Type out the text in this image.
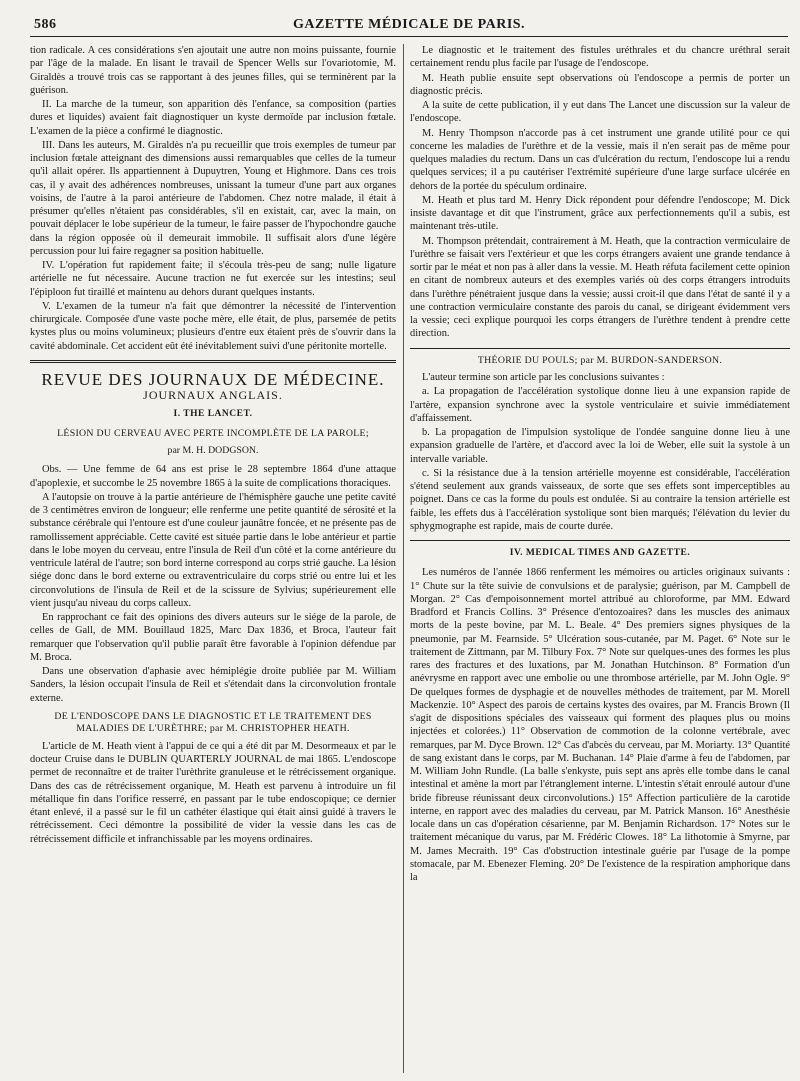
586	GAZETTE MÉDICALE DE PARIS.

tion radicale. A ces considérations s'en ajoutait une autre non moins puissante, fournie par l'âge de la malade. En lisant le travail de Spencer Wells sur l'ovariotomie, M. Giraldès a trouvé trois cas se rapportant à des jeunes filles, qui se terminèrent par la guérison.

II. La marche de la tumeur, son apparition dès l'enfance, sa composition (parties dures et liquides) avaient fait diagnostiquer un kyste dermoïde par inclusion fœtale. L'examen de la pièce a confirmé le diagnostic.

III. Dans les auteurs, M. Giraldès n'a pu recueillir que trois exemples de tumeur par inclusion fœtale atteignant des dimensions aussi remarquables que celles de la tumeur qu'il allait opérer. Ils appartiennent à Dupuytren, Young et Highmore. Dans ces trois cas, il y avait des adhérences nombreuses, unissant la tumeur d'une part aux organes voisins, de l'autre à la paroi antérieure de l'abdomen. Chez notre malade, il était à présumer qu'elles n'étaient pas considérables, s'il en existait, car, avec la main, on pouvait déplacer le lobe supérieur de la tumeur, le faire passer de l'hypochondre gauche dans la région opposée où il demeurait immobile. Il suffisait alors d'une légère percussion pour lui faire regagner sa position habituelle.

IV. L'opération fut rapidement faite; il s'écoula très-peu de sang; nulle ligature artérielle ne fut nécessaire. Aucune traction ne fut exercée sur les intestins; seul l'épiploon fut tiraillé et maintenu au dehors durant quelques instants.

V. L'examen de la tumeur n'a fait que démontrer la nécessité de l'intervention chirurgicale. Composée d'une vaste poche mère, elle était, de plus, parsemée de petits kystes plus ou moins volumineux; plusieurs d'entre eux étaient près de s'ouvrir dans la cavité abdominale. Cet accident eût été inévitablement suivi d'une péritonite mortelle.

REVUE DES JOURNAUX DE MÉDECINE.
JOURNAUX ANGLAIS.
I. THE LANCET.
LÉSION DU CERVEAU AVEC PERTE INCOMPLÈTE DE LA PAROLE;
par M. H. DODGSON.

Obs. — Une femme de 64 ans est prise le 28 septembre 1864 d'une attaque d'apoplexie, et succombe le 25 novembre 1865 à la suite de complications thoraciques.

A l'autopsie on trouve à la partie antérieure de l'hémisphère gauche une petite cavité de 3 centimètres environ de longueur; elle renferme une petite quantité de sérosité et la substance cérébrale qui l'entoure est d'une couleur jaunâtre foncée, et ne présente pas de ramollissement appréciable. Cette cavité est située partie dans le lobe antérieur et partie dans le lobe moyen du cerveau, entre l'insula de Reil d'un côté et la corne antérieure du ventricule latéral de l'autre; son bord interne correspond au corps strié gauche. La lésion siége donc dans le bord externe ou extraventriculaire du corps strié ou entre lui et les circonvolutions de l'insula de Reil et de la scissure de Sylvius; supérieurement elle vient jusqu'au niveau du corps calleux.

En rapprochant ce fait des opinions des divers auteurs sur le siége de la parole, de celles de Gall, de MM. Bouillaud 1825, Marc Dax 1836, et Broca, l'auteur fait remarquer que l'observation qu'il publie paraît être favorable à l'opinion défendue par M. Broca.

Dans une observation d'aphasie avec hémiplégie droite publiée par M. William Sanders, la lésion occupait l'insula de Reil et s'étendait dans la circonvolution frontale externe.

DE L'ENDOSCOPE DANS LE DIAGNOSTIC ET LE TRAITEMENT DES MALADIES DE L'URÈTHRE; par M. CHRISTOPHER HEATH.

L'article de M. Heath vient à l'appui de ce qui a été dit par M. Desormeaux et par le docteur Cruise dans le DUBLIN QUARTERLY JOURNAL de mai 1865. L'endoscope permet de reconnaître et de traiter l'urèthrite granuleuse et le rétrécissement organique. Dans des cas de rétrécissement organique, M. Heath est parvenu à introduire un fil métallique fin dans l'orifice resserré, en passant par le tube endoscopique; ce dernier étant enlevé, il a passé sur le fil un cathéter élastique qui était ainsi guidé à travers le rétrécissement. Ceci démontre la possibilité de vider la vessie dans les cas de rétrécissement difficile et infranchissable par les moyens ordinaires.

Le diagnostic et le traitement des fistules uréthrales et du chancre uréthral serait certainement rendu plus facile par l'usage de l'endoscope.

M. Heath publie ensuite sept observations où l'endoscope a permis de porter un diagnostic précis.

A la suite de cette publication, il y eut dans The Lancet une discussion sur la valeur de l'endoscope.

M. Henry Thompson n'accorde pas à cet instrument une grande utilité pour ce qui concerne les maladies de l'urèthre et de la vessie, mais il n'en serait pas de même pour quelques maladies du rectum. Dans un cas d'ulcération du rectum, l'endoscope lui a rendu quelques services; il a pu cautériser l'extrémité supérieure d'une large surface ulcérée en dehors de la portée du spéculum ordinaire.

M. Heath et plus tard M. Henry Dick répondent pour défendre l'endoscope; M. Dick insiste davantage et dit que l'instrument, grâce aux perfectionnements qu'il a subis, est maintenant très-utile.

M. Thompson prétendait, contrairement à M. Heath, que la contraction vermiculaire de l'urèthre se faisait vers l'extérieur et que les corps étrangers avaient une grande tendance à sortir par le méat et non pas à aller dans la vessie. M. Heath réfuta facilement cette opinion en citant de nombreux auteurs et des exemples variés où des corps étrangers introduits dans l'urèthre pénétraient jusque dans la vessie; aussi croit-il que dans l'état de santé il y a une contraction vermiculaire constante des parois du canal, se dirigeant évidemment vers la vessie; ceci explique pourquoi les corps étrangers de l'urèthre tendent à prendre cette direction.

THÉORIE DU POULS; par M. BURDON-SANDERSON.

L'auteur termine son article par les conclusions suivantes :

a. La propagation de l'accélération systolique donne lieu à une expansion rapide de l'artère, expansion synchrone avec la systole ventriculaire et suivie immédiatement d'affaissement.

b. La propagation de l'impulsion systolique de l'ondée sanguine donne lieu à une expansion graduelle de l'artère, et d'accord avec la loi de Weber, elle suit la systole à un intervalle variable.

c. Si la résistance due à la tension artérielle moyenne est considérable, l'accélération s'étend seulement aux grands vaisseaux, de sorte que ses effets sont imperceptibles au poignet. Dans ce cas la forme du pouls est ondulée. Si au contraire la tension artérielle est faible, les effets dus à l'accélération systolique sont bien marqués; l'élévation du levier du sphygmographe est rapide, mais de courte durée.

IV. MEDICAL TIMES AND GAZETTE.

Les numéros de l'année 1866 renferment les mémoires ou articles originaux suivants : 1° Chute sur la tête suivie de convulsions et de paralysie; guérison, par M. Campbell de Morgan. 2° Cas d'empoisonnement mortel attribué au chloroforme, par MM. Edward Bradford et Francis Collins. 3° Présence d'entozoaires? dans les muscles des animaux morts de la peste bovine, par M. L. Beale. 4° Des premiers signes physiques de la pneumonie, par M. Fearnside. 5° Ulcération sous-cutanée, par M. Paget. 6° Note sur le traitement de Zittmann, par M. Tilbury Fox. 7° Note sur quelques-unes des formes les plus rares des fractures et des luxations, par M. Jonathan Hutchinson. 8° Formation d'un anévrysme en rapport avec une embolie ou une thrombose artérielle, par M. John Ogle. 9° De quelques formes de dysphagie et de nouvelles méthodes de traitement, par M. Morell Mackenzie. 10° Aspect des parois de certains kystes des ovaires, par M. Francis Brown (Il s'agit de dispositions spéciales des vaisseaux qui forment des plaques plus ou moins injectées et colorées.) 11° Observation de commotion de la colonne vertébrale, avec remarques, par M. Dyce Brown. 12° Cas d'abcès du cerveau, par M. Moriarty. 13° Quantité de sang existant dans le corps, par M. Buchanan. 14° Plaie d'arme à feu de l'abdomen, par M. William John Rundle. (La balle s'enkyste, puis sept ans après elle tombe dans le canal intestinal et amène la mort par l'étranglement interne. L'intestin s'était enroulé autour d'une bride fibreuse réunissant deux circonvolutions.) 15° Affection particulière de la carotide interne, en rapport avec des maladies du cerveau, par M. Patrick Manson. 16° Anesthésie locale dans un cas d'opération césarienne, par M. Benjamin Richardson. 17° Notes sur le traitement mécanique du varus, par M. Frédéric Clowes. 18° La lithotomie à Smyrne, par M. James Mecraith. 19° Cas d'obstruction intestinale guérie par l'usage de la pompe stomacale, par M. Ebenezer Fleming. 20° De l'existence de la respiration amphorique dans la
